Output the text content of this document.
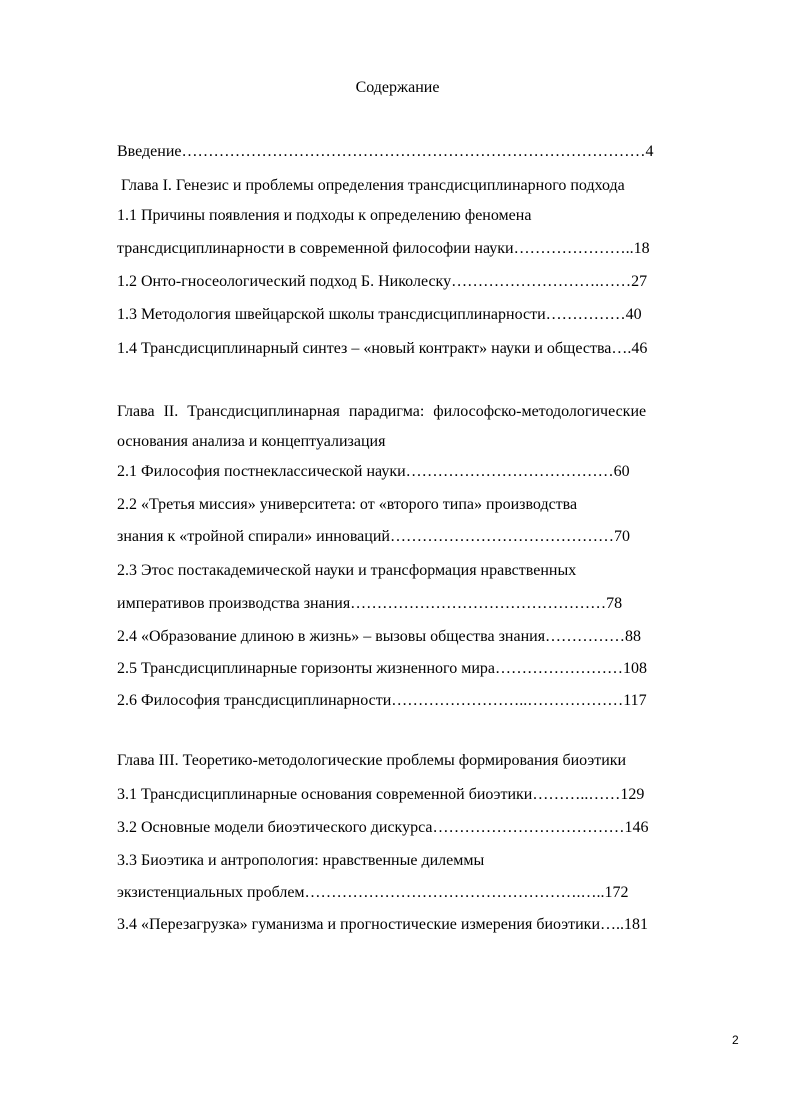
Содержание

Введение……………………………………………………………………………4

Глава I. Генезис и проблемы определения трансдисциплинарного подхода

1.1 Причины появления и подходы к определению феномена

трансдисциплинарности в современной философии науки…………………..18

1.2 Онто-гносеологический подход Б. Николеску……………………….……27

1.3 Методология швейцарской школы трансдисциплинарности……………40

1.4 Трансдисциплинарный синтез – «новый контракт» науки и общества….46

Глава II. Трансдисциплинарная парадигма: философско-методологические

основания анализа и концептуализация

2.1 Философия постнеклассической науки…………………………………60

2.2 «Третья миссия» университета: от «второго типа» производства

знания к «тройной спирали» инноваций……………………………………70

2.3 Этос постакадемической науки и трансформация нравственных

императивов производства знания…………………………………………78

2.4 «Образование длиною в жизнь» – вызовы общества знания……………88

2.5 Трансдисциплинарные горизонты жизненного мира……………………108

2.6 Философия трансдисциплинарности……………………..………………117

Глава III. Теоретико-методологические проблемы формирования биоэтики

3.1 Трансдисциплинарные основания современной биоэтики………..……129

3.2 Основные модели биоэтического дискурса………………………………146

3.3 Биоэтика и антропология: нравственные дилеммы

экзистенциальных проблем…………………………………………….…..172

3.4 «Перезагрузка» гуманизма и прогностические измерения биоэтики…..181

2
